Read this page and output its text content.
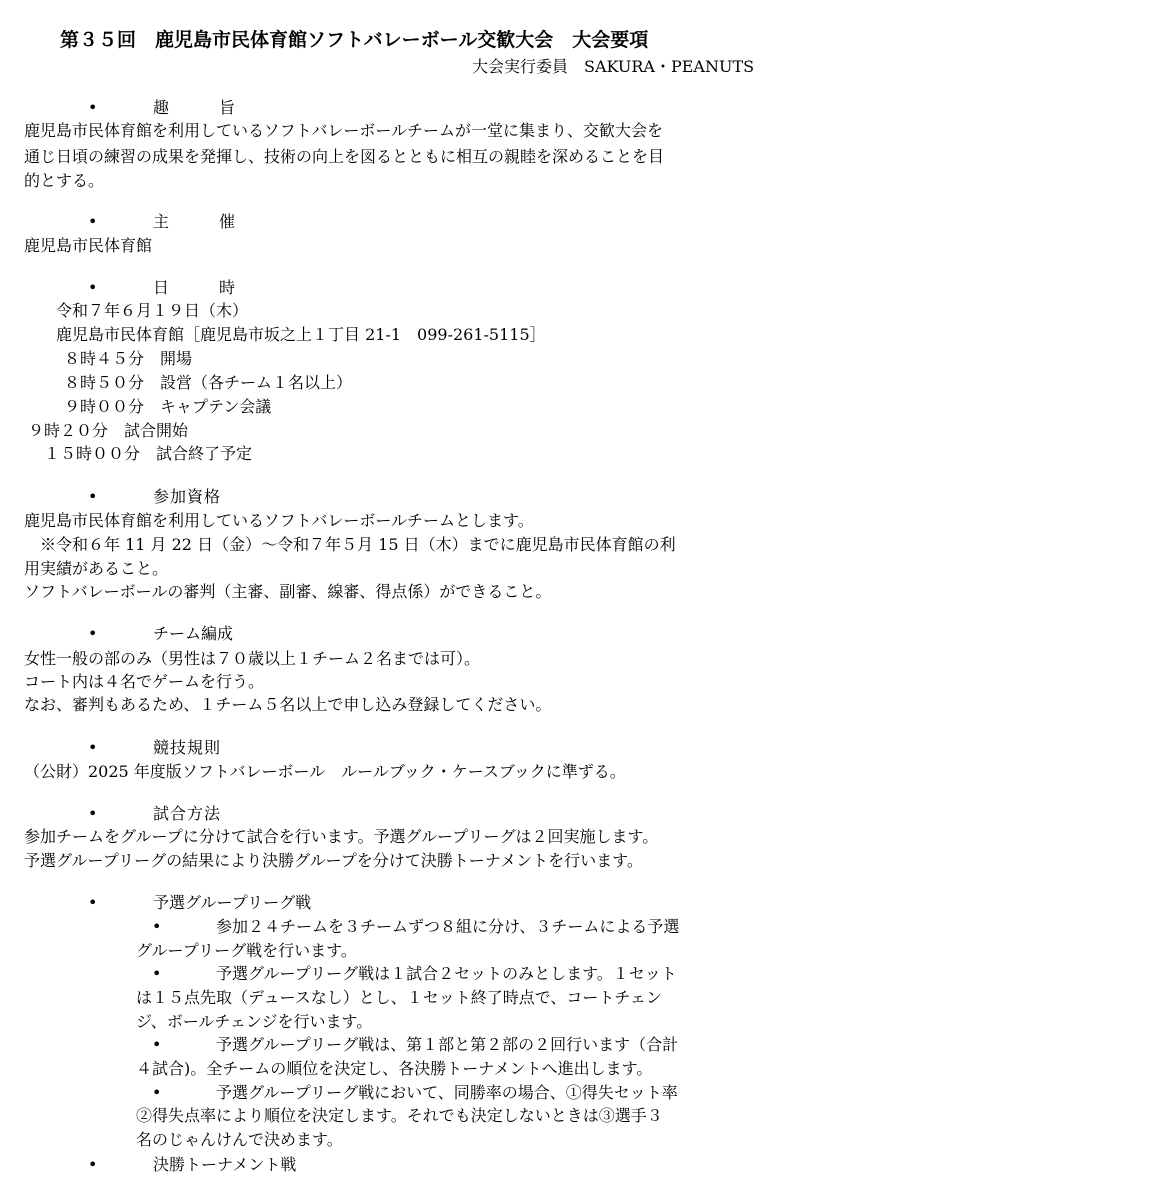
第３５回　鹿児島市民体育館ソフトバレーボール交歓大会　大会要項
大会実行委員　SAKURA・PEANUTS
•	趣　　旨
鹿児島市民体育館を利用しているソフトバレーボールチームが一堂に集まり、交歓大会を
通じ日頃の練習の成果を発揮し、技術の向上を図るとともに相互の親睦を深めることを目
的とする。
•	主　　催
鹿児島市民体育館
•	日　　時
令和７年６月１９日（木）
鹿児島市民体育館［鹿児島市坂之上１丁目 21-1　099-261-5115］
８時４５分　開場
８時５０分　設営（各チーム１名以上）
９時００分　キャプテン会議
９時２０分　試合開始
１５時００分　試合終了予定
•	参加資格
鹿児島市民体育館を利用しているソフトバレーボールチームとします。
※令和６年 11 月 22 日（金）～令和７年５月 15 日（木）までに鹿児島市民体育館の利
用実績があること。
ソフトバレーボールの審判（主審、副審、線審、得点係）ができること。
•	チーム編成
女性一般の部のみ（男性は７０歳以上１チーム２名までは可）。
コート内は４名でゲームを行う。
なお、審判もあるため、１チーム５名以上で申し込み登録してください。
•	競技規則
（公財）2025 年度版ソフトバレーボール　ルールブック・ケースブックに準ずる。
•	試合方法
参加チームをグループに分けて試合を行います。予選グループリーグは２回実施します。
予選グループリーグの結果により決勝グループを分けて決勝トーナメントを行います。
•	予選グループリーグ戦
•	参加２４チームを３チームずつ８組に分け、３チームによる予選
グループリーグ戦を行います。
•	予選グループリーグ戦は１試合２セットのみとします。１セット
は１５点先取（デュースなし）とし、１セット終了時点で、コートチェン
ジ、ボールチェンジを行います。
•	予選グループリーグ戦は、第１部と第２部の２回行います（合計
４試合)。全チームの順位を決定し、各決勝トーナメントへ進出します。
•	予選グループリーグ戦において、同勝率の場合、①得失セット率
②得失点率により順位を決定します。それでも決定しないときは③選手３
名のじゃんけんで決めます。
•	決勝トーナメント戦
